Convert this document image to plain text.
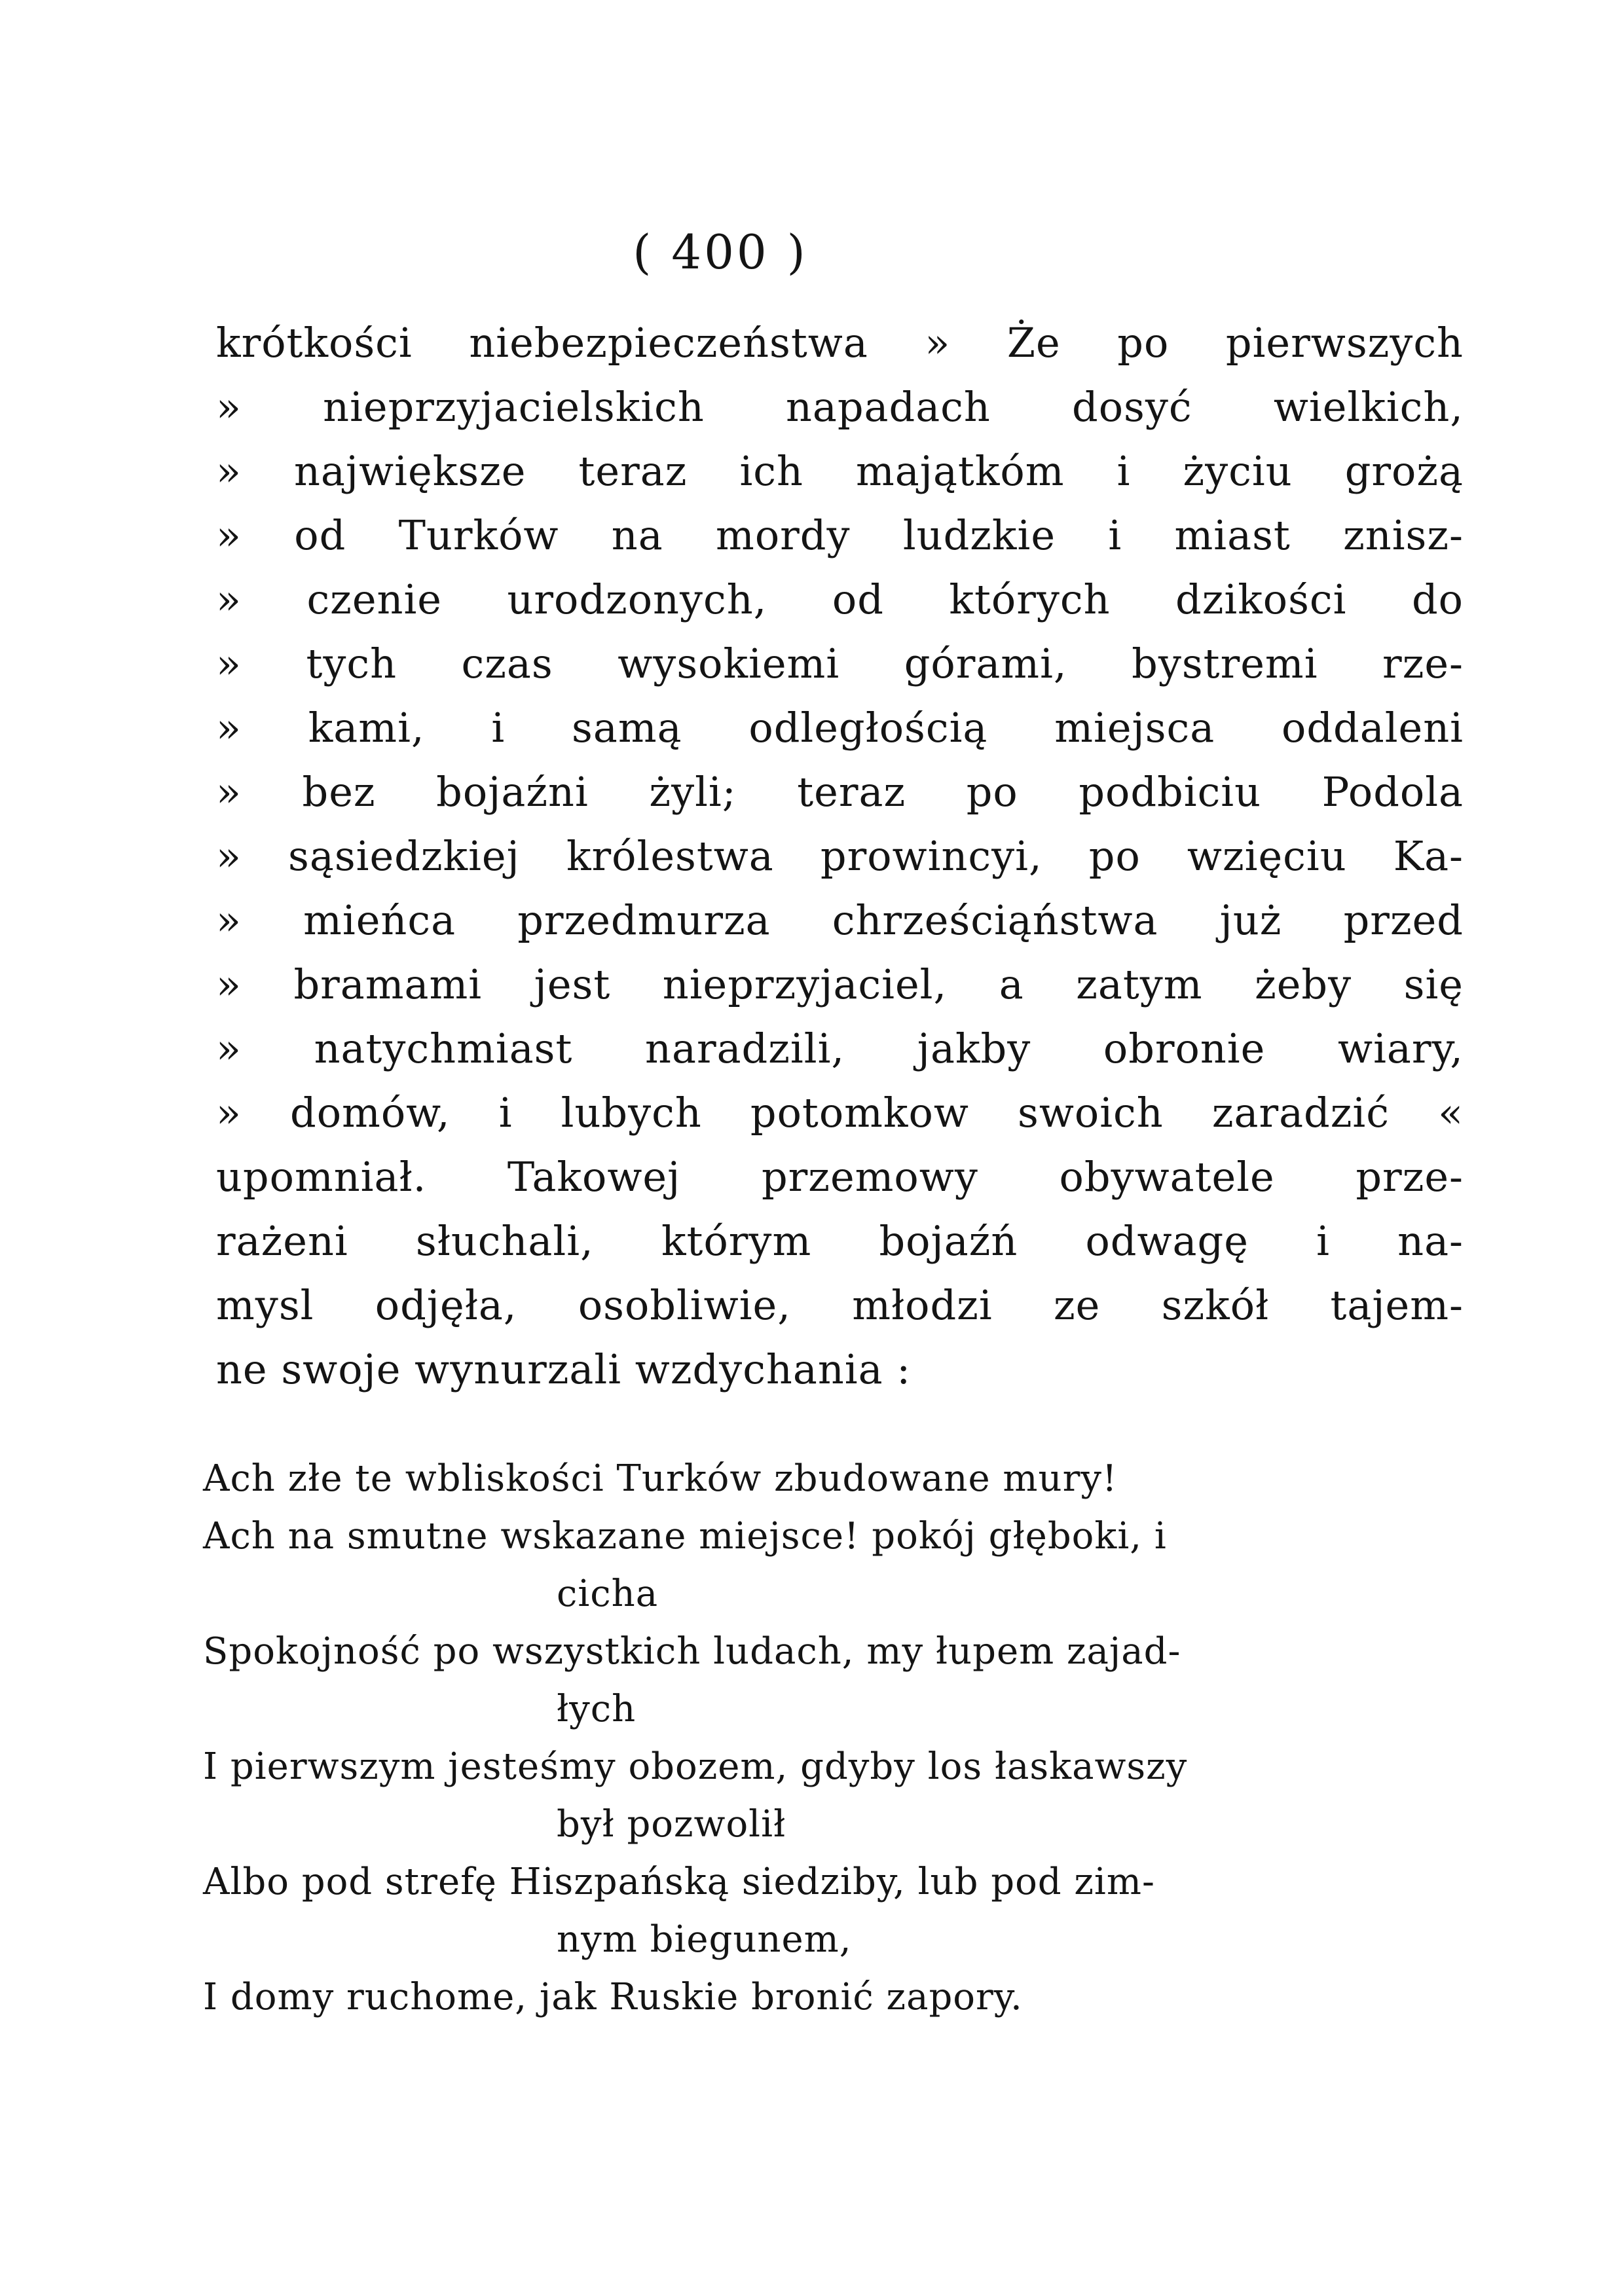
( 400 )
krótkości niebezpieczeństwa » Że po pierwszych
» nieprzyjacielskich napadach dosyć wielkich,
» największe teraz ich majątkóm i życiu grożą
» od Turków na mordy ludzkie i miast znisz-
» czenie urodzonych, od których dzikości do
» tych czas wysokiemi górami, bystremi rze-
» kami, i samą odległością miejsca oddaleni
» bez bojaźni żyli; teraz po podbiciu Podola
» sąsiedzkiej królestwa prowincyi, po wzięciu Ka-
» mieńca przedmurza chrześciąństwa już przed
» bramami jest nieprzyjaciel, a zatym żeby się
» natychmiast naradzili, jakby obronie wiary,
» domów, i lubych potomkow swoich zaradzić «
upomniał. Takowej przemowy obywatele prze-
rażeni słuchali, którym bojaźń odwagę i na-
mysl odjęła, osobliwie, młodzi ze szkół tajem-
ne swoje wynurzali wzdychania :
Ach złe te wbliskości Turków zbudowane mury!
Ach na smutne wskazane miejsce! pokój głęboki, i
cicha
Spokojność po wszystkich ludach, my łupem zajad-
łych
I pierwszym jesteśmy obozem, gdyby los łaskawszy
był pozwolił
Albo pod strefę Hiszpańską siedziby, lub pod zim-
nym biegunem,
I domy ruchome, jak Ruskie bronić zapory.
